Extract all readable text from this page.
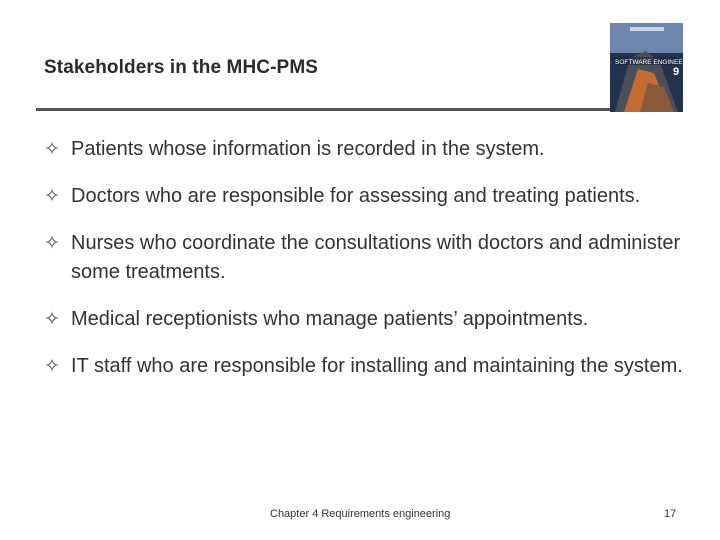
Stakeholders in the MHC-PMS	SOFTWARE ENGINEERING
9
✧ Patients whose information is recorded in the system.
✧ Doctors who are responsible for assessing and treating patients.
✧ Nurses who coordinate the consultations with doctors and administer some treatments.
✧ Medical receptionists who manage patients’ appointments.
✧ IT staff who are responsible for installing and maintaining the system.
Chapter 4 Requirements engineering	17
